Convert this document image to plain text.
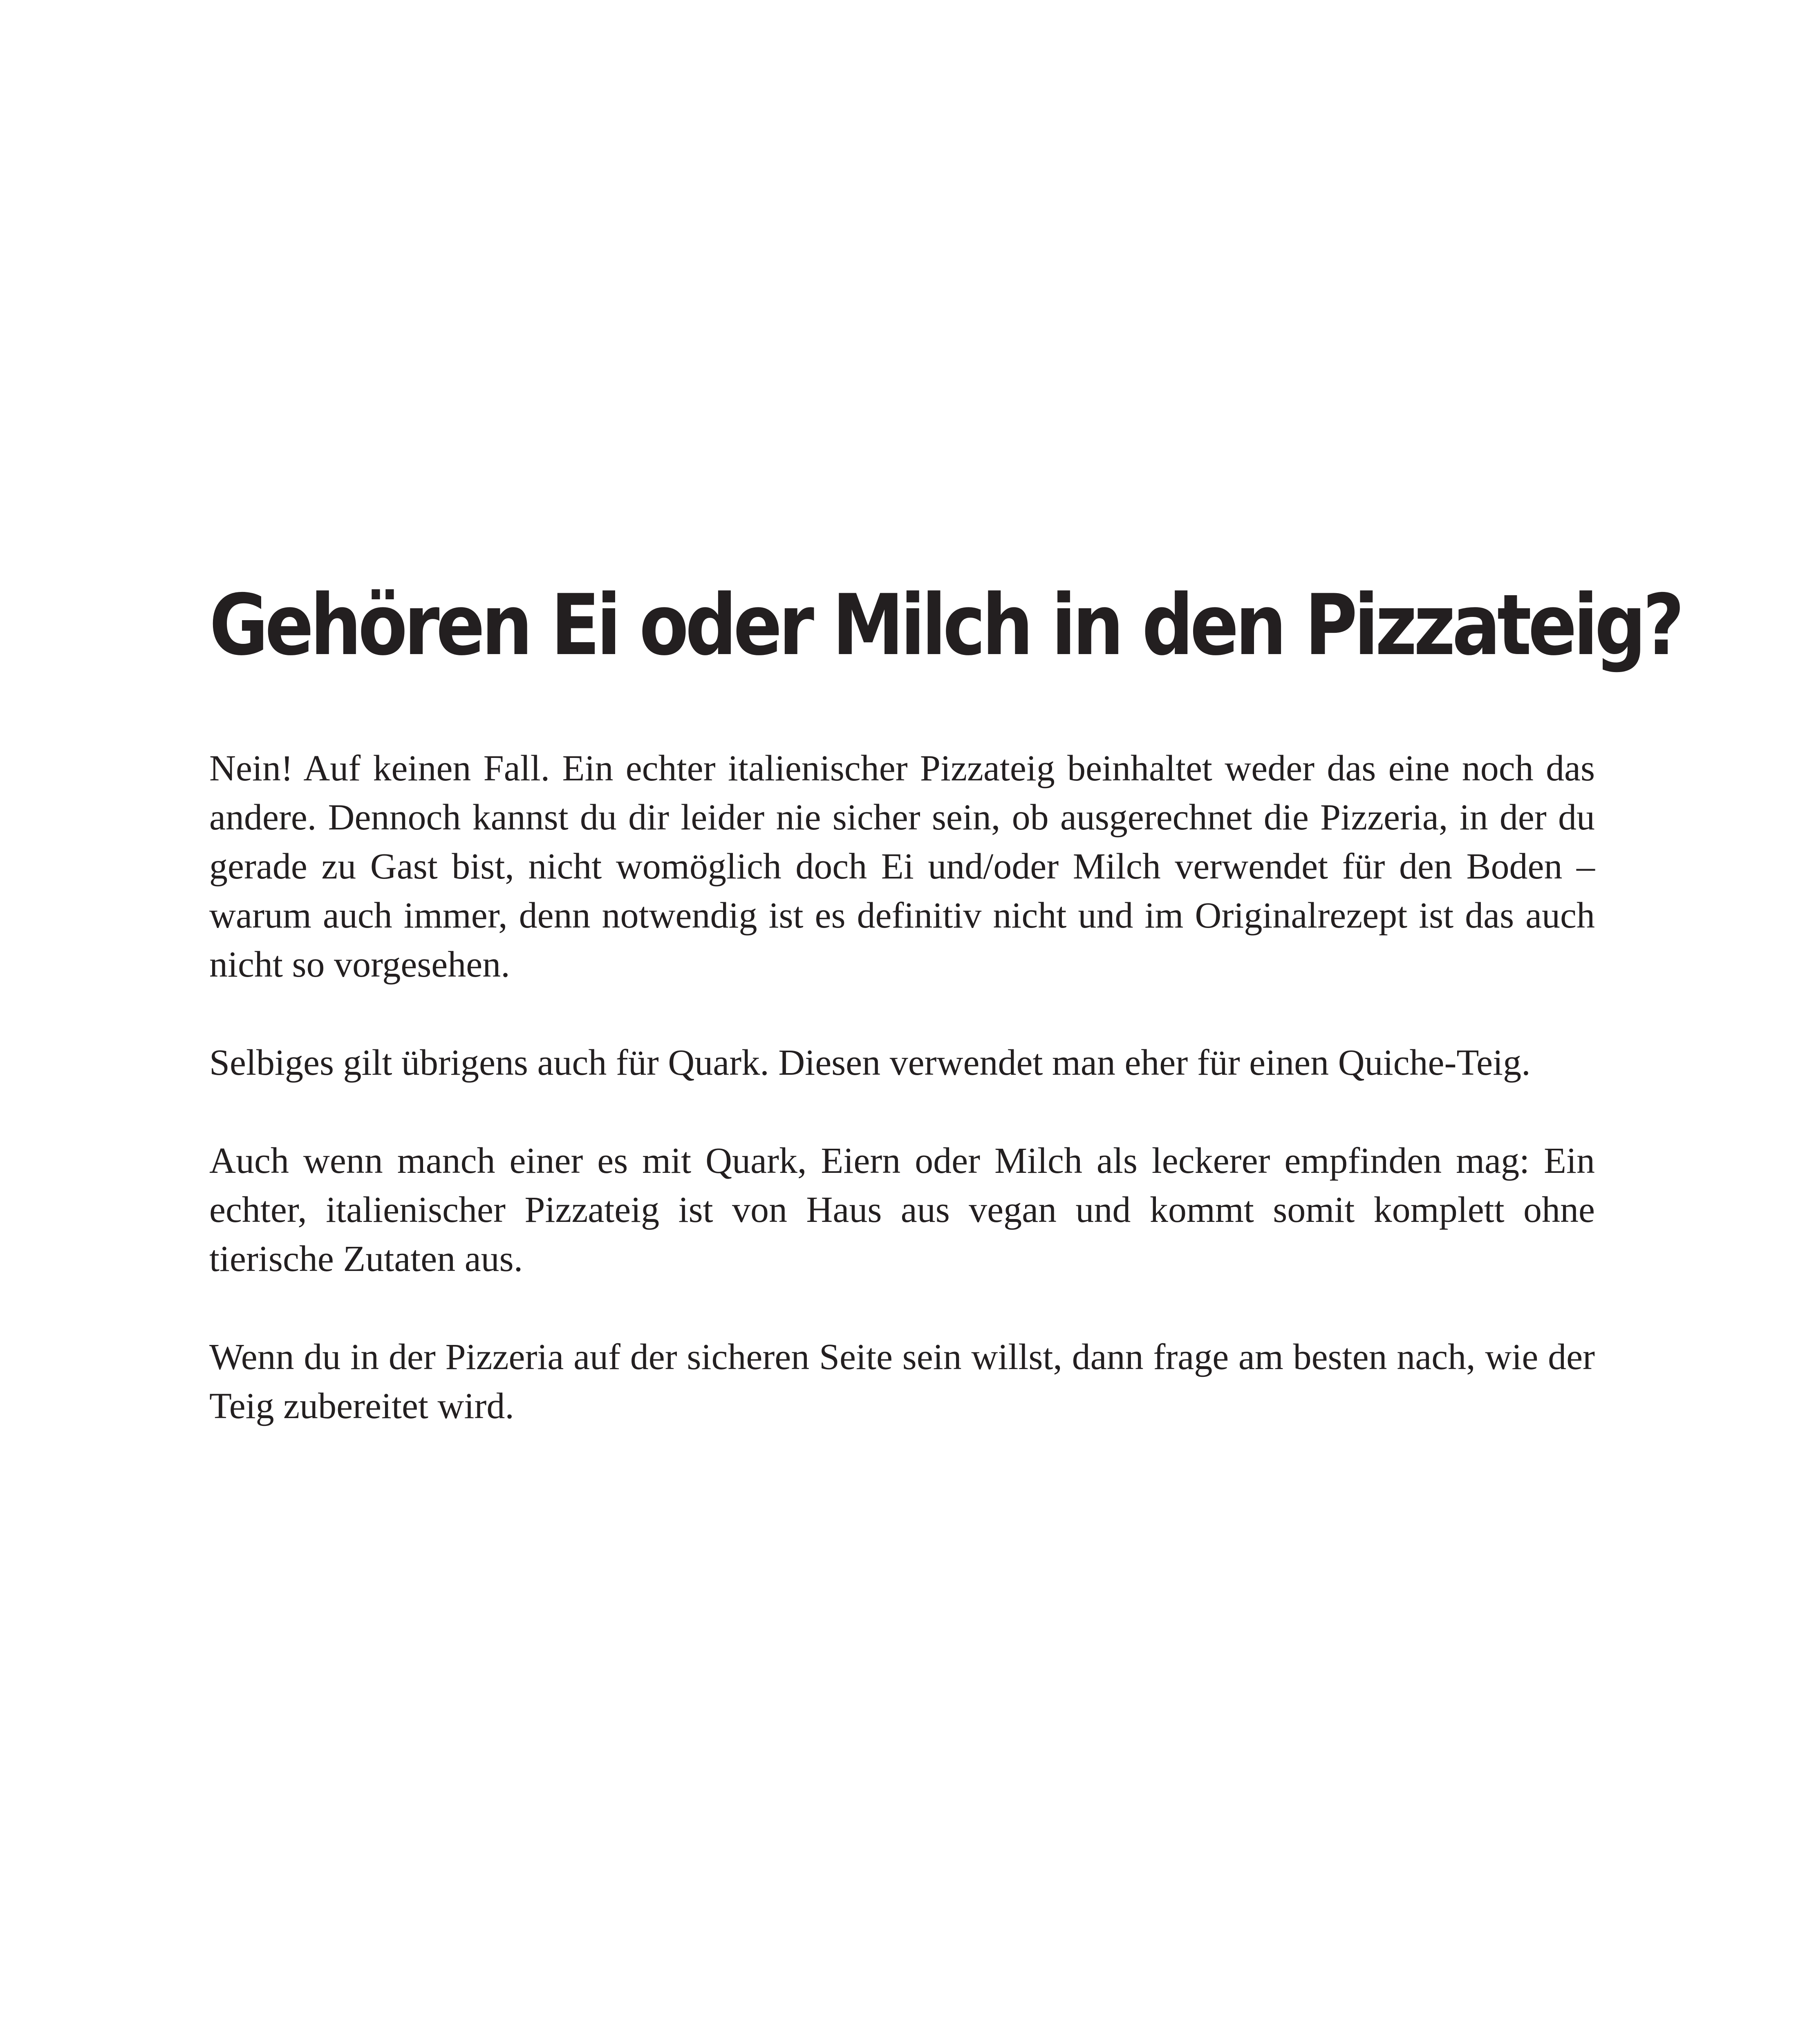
Gehören Ei oder Milch in den Pizzateig?

Nein! Auf keinen Fall. Ein echter italienischer Pizzateig beinhaltet weder das eine noch das andere. Dennoch kannst du dir leider nie sicher sein, ob ausgerechnet die Pizzeria, in der du gerade zu Gast bist, nicht womöglich doch Ei und/oder Milch verwendet für den Boden – warum auch immer, denn notwendig ist es definitiv nicht und im Originalrezept ist das auch nicht so vorgesehen.

Selbiges gilt übrigens auch für Quark. Diesen verwendet man eher für einen Quiche-Teig.

Auch wenn manch einer es mit Quark, Eiern oder Milch als leckerer empfinden mag: Ein echter, italienischer Pizzateig ist von Haus aus vegan und kommt somit komplett ohne tierische Zutaten aus.

Wenn du in der Pizzeria auf der sicheren Seite sein willst, dann frage am besten nach, wie der Teig zubereitet wird.
